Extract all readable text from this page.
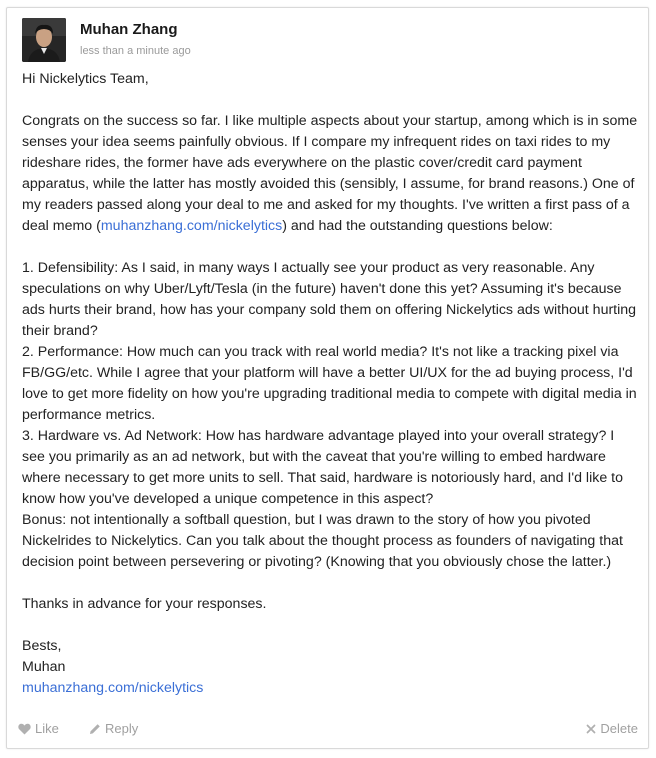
Muhan Zhang
less than a minute ago

Hi Nickelytics Team,

Congrats on the success so far. I like multiple aspects about your startup, among which is in some senses your idea seems painfully obvious. If I compare my infrequent rides on taxi rides to my rideshare rides, the former have ads everywhere on the plastic cover/credit card payment apparatus, while the latter has mostly avoided this (sensibly, I assume, for brand reasons.) One of my readers passed along your deal to me and asked for my thoughts. I've written a first pass of a deal memo (muhanzhang.com/nickelytics) and had the outstanding questions below:

1. Defensibility: As I said, in many ways I actually see your product as very reasonable. Any speculations on why Uber/Lyft/Tesla (in the future) haven't done this yet? Assuming it's because ads hurts their brand, how has your company sold them on offering Nickelytics ads without hurting their brand?

2. Performance: How much can you track with real world media? It's not like a tracking pixel via FB/GG/etc. While I agree that your platform will have a better UI/UX for the ad buying process, I'd love to get more fidelity on how you're upgrading traditional media to compete with digital media in performance metrics.

3. Hardware vs. Ad Network: How has hardware advantage played into your overall strategy? I see you primarily as an ad network, but with the caveat that you're willing to embed hardware where necessary to get more units to sell. That said, hardware is notoriously hard, and I'd like to know how you've developed a unique competence in this aspect?

Bonus: not intentionally a softball question, but I was drawn to the story of how you pivoted Nickelrides to Nickelytics. Can you talk about the thought process as founders of navigating that decision point between persevering or pivoting? (Knowing that you obviously chose the latter.)

Thanks in advance for your responses.

Bests,

Muhan

muhanzhang.com/nickelytics

Like	Reply	Delete
